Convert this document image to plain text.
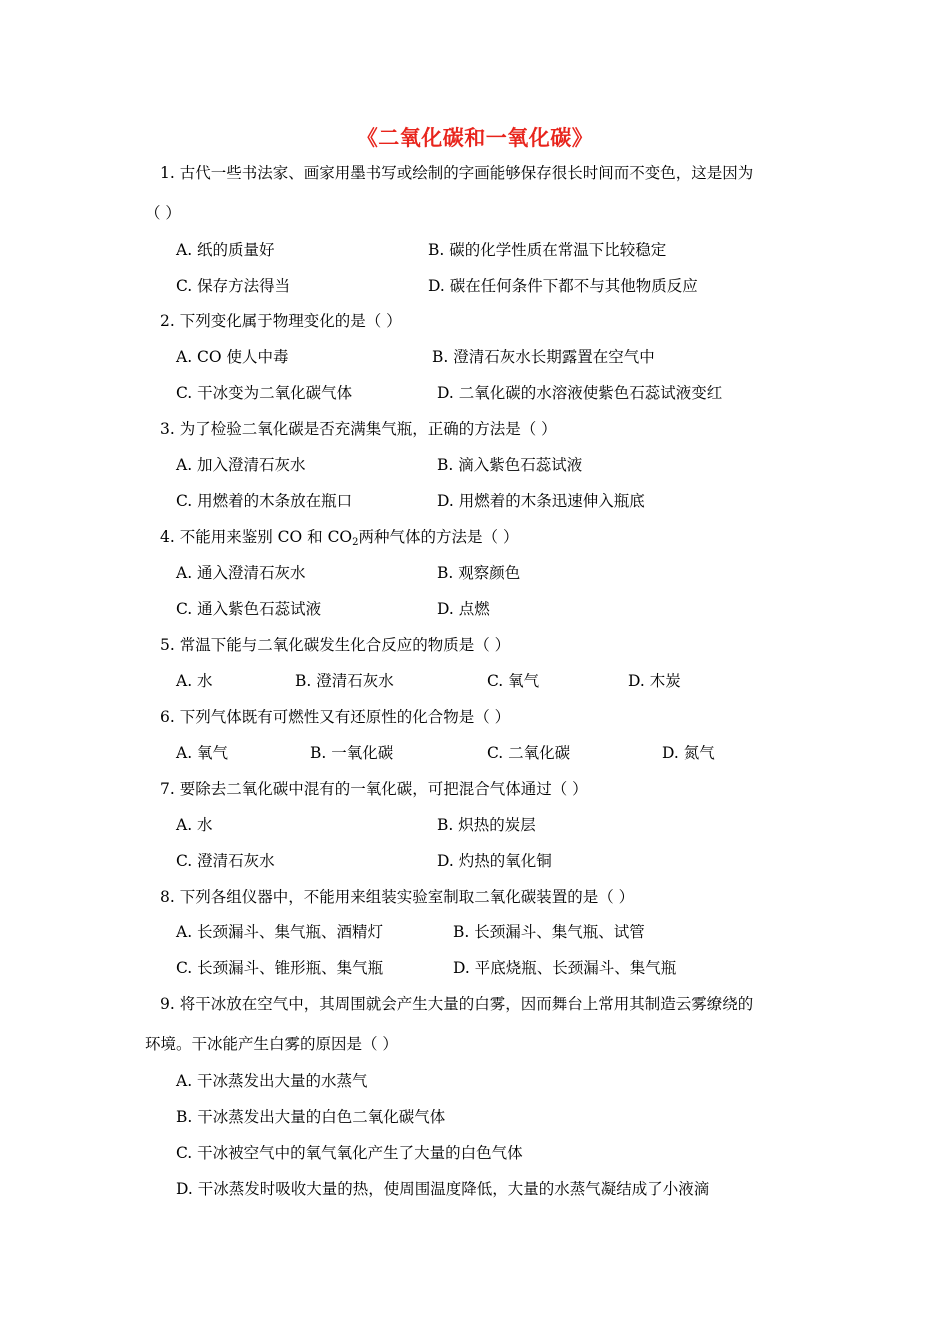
《二氧化碳和一氧化碳》
1. 古代一些书法家、画家用墨书写或绘制的字画能够保存很长时间而不变色，这是因为
（ ）
A. 纸的质量好	B. 碳的化学性质在常温下比较稳定
C. 保存方法得当	D. 碳在任何条件下都不与其他物质反应
2. 下列变化属于物理变化的是（ ）
A. CO 使人中毒	B. 澄清石灰水长期露置在空气中
C. 干冰变为二氧化碳气体	D. 二氧化碳的水溶液使紫色石蕊试液变红
3. 为了检验二氧化碳是否充满集气瓶，正确的方法是（ ）
A. 加入澄清石灰水	B. 滴入紫色石蕊试液
C. 用燃着的木条放在瓶口	D. 用燃着的木条迅速伸入瓶底
4. 不能用来鉴别 CO 和 $CO_2$两种气体的方法是（ ）
A. 通入澄清石灰水	B. 观察颜色
C. 通入紫色石蕊试液	D. 点燃
5. 常温下能与二氧化碳发生化合反应的物质是（ ）
A. 水	B. 澄清石灰水	C. 氧气	D. 木炭
6. 下列气体既有可燃性又有还原性的化合物是（ ）
A. 氧气	B. 一氧化碳	C. 二氧化碳	D. 氮气
7. 要除去二氧化碳中混有的一氧化碳，可把混合气体通过（ ）
A. 水	B. 炽热的炭层
C. 澄清石灰水	D. 灼热的氧化铜
8. 下列各组仪器中，不能用来组装实验室制取二氧化碳装置的是（ ）
A. 长颈漏斗、集气瓶、酒精灯	B. 长颈漏斗、集气瓶、试管
C. 长颈漏斗、锥形瓶、集气瓶	D. 平底烧瓶、长颈漏斗、集气瓶
9. 将干冰放在空气中，其周围就会产生大量的白雾，因而舞台上常用其制造云雾缭绕的
环境。干冰能产生白雾的原因是（ ）
A. 干冰蒸发出大量的水蒸气
B. 干冰蒸发出大量的白色二氧化碳气体
C. 干冰被空气中的氧气氧化产生了大量的白色气体
D. 干冰蒸发时吸收大量的热，使周围温度降低，大量的水蒸气凝结成了小液滴
